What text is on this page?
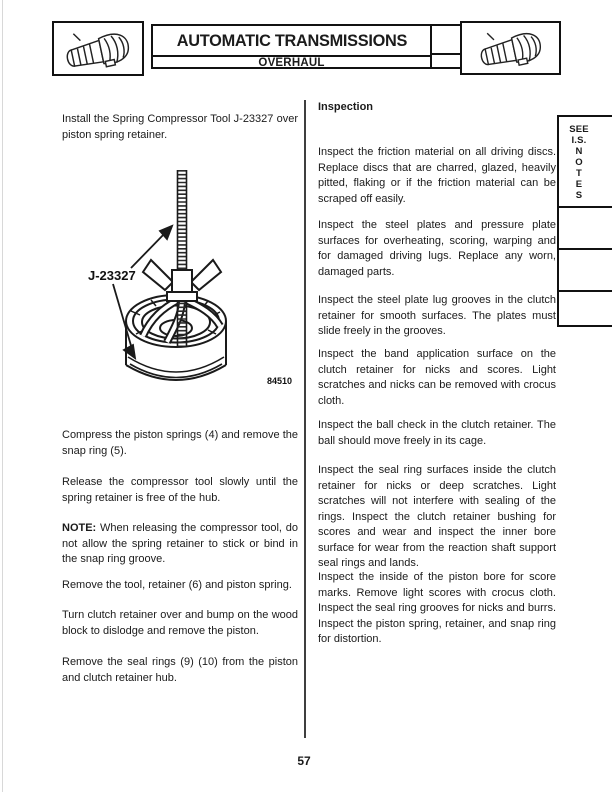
AUTOMATIC TRANSMISSIONS
OVERHAUL

Install the Spring Compressor Tool J-23327 over piston spring retainer.

J-23327
84510

Compress the piston springs (4) and remove the snap ring (5).

Release the compressor tool slowly until the spring retainer is free of the hub.

NOTE: When releasing the compressor tool, do not allow the spring retainer to stick or bind in the snap ring groove.

Remove the tool, retainer (6) and piston spring.

Turn clutch retainer over and bump on the wood block to dislodge and remove the piston.

Remove the seal rings (9) (10) from the piston and clutch retainer hub.

Inspection

Inspect the friction material on all driving discs. Replace discs that are charred, glazed, heavily pitted, flaking or if the friction material can be scraped off easily.

Inspect the steel plates and pressure plate surfaces for overheating, scoring, warping and for damaged driving lugs. Replace any worn, damaged parts.

Inspect the steel plate lug grooves in the clutch retainer for smooth surfaces. The plates must slide freely in the grooves.

Inspect the band application surface on the clutch retainer for nicks and scores. Light scratches and nicks can be removed with crocus cloth.

Inspect the ball check in the clutch retainer. The ball should move freely in its cage.

Inspect the seal ring surfaces inside the clutch retainer for nicks or deep scratches. Light scratches will not interfere with sealing of the rings. Inspect the clutch retainer bushing for scores and wear and inspect the inner bore surface for wear from the reaction shaft support seal rings and lands.

Inspect the inside of the piston bore for score marks. Remove light scores with crocus cloth. Inspect the seal ring grooves for nicks and burrs. Inspect the piston spring, retainer, and snap ring for distortion.

SEE
I.S.
N
O
T
E
S
57
